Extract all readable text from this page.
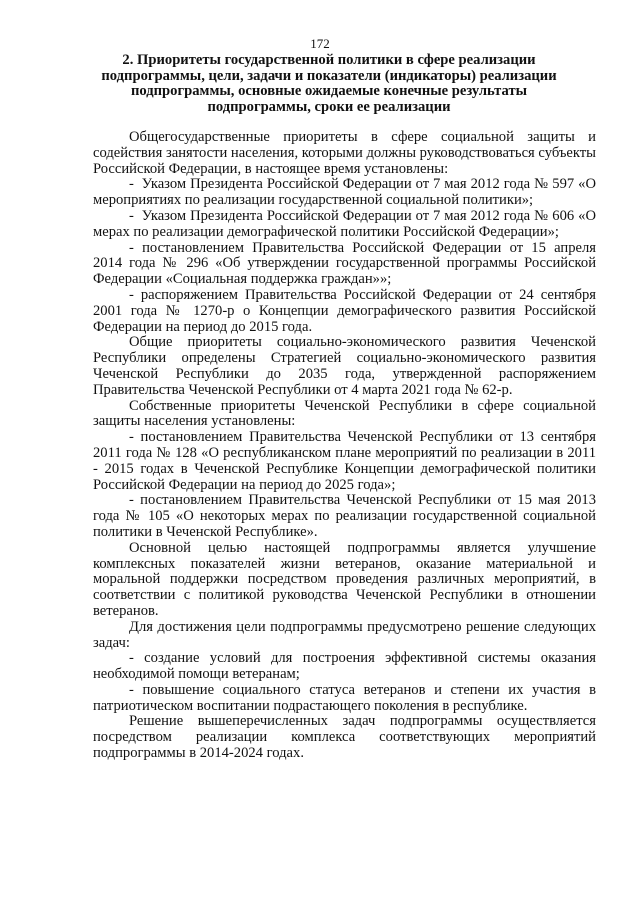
172
2. Приоритеты государственной политики в сфере реализации
подпрограммы, цели, задачи и показатели (индикаторы) реализации
подпрограммы, основные ожидаемые конечные результаты
подпрограммы, сроки ее реализации

Общегосударственные приоритеты в сфере социальной защиты и содействия занятости населения, которыми должны руководствоваться субъекты Российской Федерации, в настоящее время установлены:

-  Указом Президента Российской Федерации от 7 мая 2012 года № 597 «О мероприятиях по реализации государственной социальной политики»;

-  Указом Президента Российской Федерации от 7 мая 2012 года № 606 «О мерах по реализации демографической политики Российской Федерации»;

- постановлением Правительства Российской Федерации от 15 апреля 2014 года № 296 «Об утверждении государственной программы Российской Федерации «Социальная поддержка граждан»»;

- распоряжением Правительства Российской Федерации от 24 сентября 2001 года № 1270-р о Концепции демографического развития Российской Федерации на период до 2015 года.

Общие приоритеты социально-экономического развития Чеченской Республики определены Стратегией социально-экономического развития Чеченской Республики до 2035 года, утвержденной распоряжением Правительства Чеченской Республики от 4 марта 2021 года № 62-р.

Собственные приоритеты Чеченской Республики в сфере социальной защиты населения установлены:

- постановлением Правительства Чеченской Республики от 13 сентября 2011 года № 128 «О республиканском плане мероприятий по реализации в 2011 - 2015 годах в Чеченской Республике Концепции демографической политики Российской Федерации на период до 2025 года»;

- постановлением Правительства Чеченской Республики от 15 мая 2013 года № 105 «О некоторых мерах по реализации государственной социальной политики в Чеченской Республике».

Основной целью настоящей подпрограммы является улучшение комплексных показателей жизни ветеранов, оказание материальной и моральной поддержки посредством проведения различных мероприятий, в соответствии с политикой руководства Чеченской Республики в отношении ветеранов.

Для достижения цели подпрограммы предусмотрено решение следующих задач:

- создание условий для построения эффективной системы оказания необходимой помощи ветеранам;

- повышение социального статуса ветеранов и степени их участия в патриотическом воспитании подрастающего поколения в республике.

Решение вышеперечисленных задач подпрограммы осуществляется посредством реализации комплекса соответствующих мероприятий подпрограммы в 2014-2024 годах.
